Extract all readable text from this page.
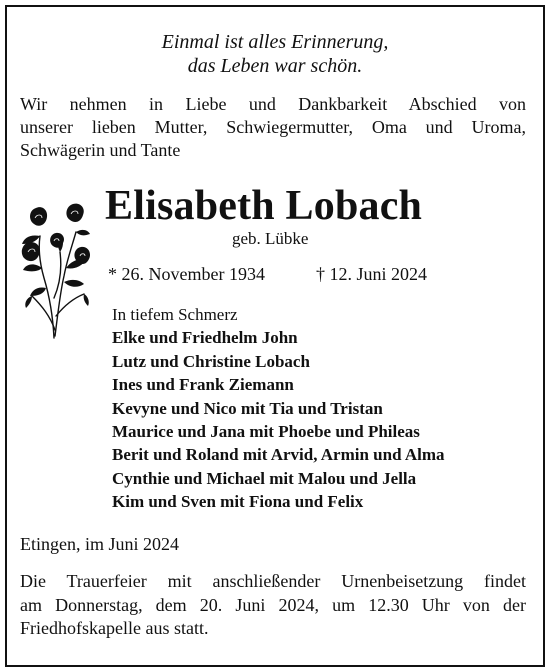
Einmal ist alles Erinnerung,
das Leben war schön.
Wir nehmen in Liebe und Dankbarkeit Abschied von
unserer lieben Mutter, Schwiegermutter, Oma und Uroma,
Schwägerin und Tante
Elisabeth Lobach
geb. Lübke
* 26. November 1934	† 12. Juni 2024
In tiefem Schmerz
Elke und Friedhelm John
Lutz und Christine Lobach
Ines und Frank Ziemann
Kevyne und Nico mit Tia und Tristan
Maurice und Jana mit Phoebe und Phileas
Berit und Roland mit Arvid, Armin und Alma
Cynthie und Michael mit Malou und Jella
Kim und Sven mit Fiona und Felix
Etingen, im Juni 2024
Die Trauerfeier mit anschließender Urnenbeisetzung findet
am Donnerstag, dem 20. Juni 2024, um 12.30 Uhr von der
Friedhofskapelle aus statt.
